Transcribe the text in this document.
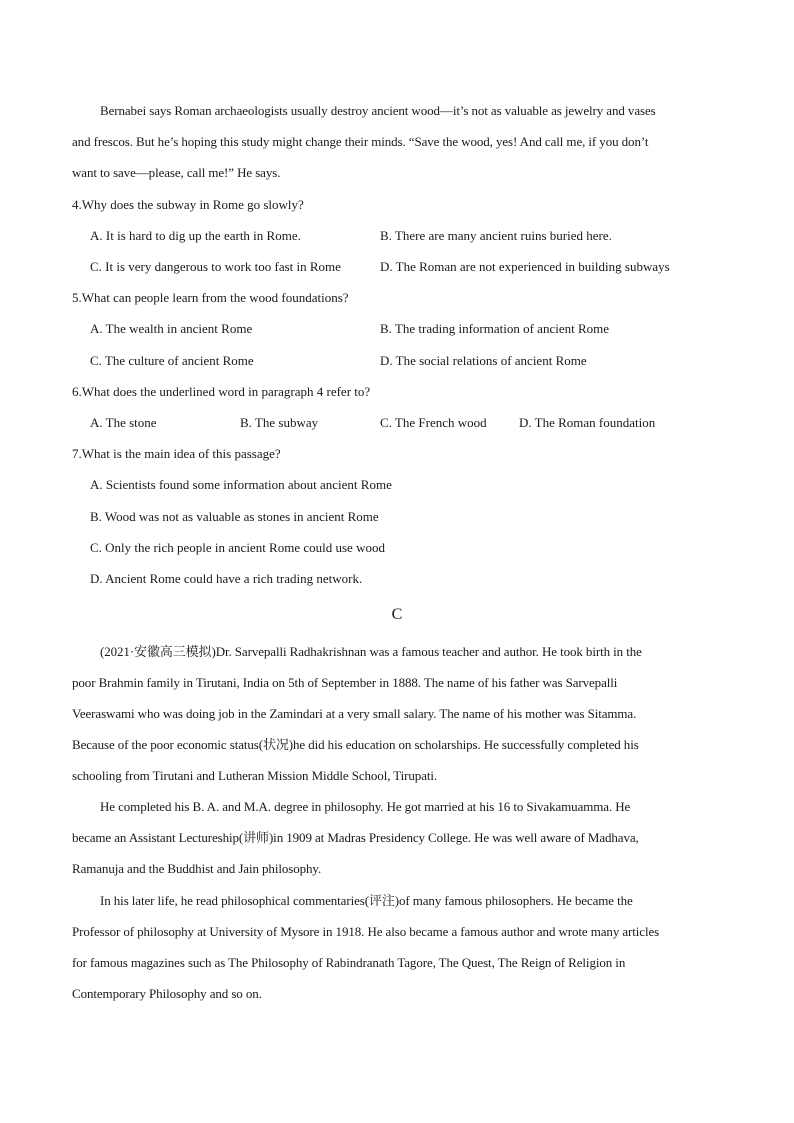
Bernabei says Roman archaeologists usually destroy ancient wood—it’s not as valuable as jewelry and vases
and frescos. But he’s hoping this study might change their minds. “Save the wood, yes! And call me, if you don’t
want to save—please, call me!” He says.
4.Why does the subway in Rome go slowly?
A. It is hard to dig up the earth in Rome.	B. There are many ancient ruins buried here.
C. It is very dangerous to work too fast in Rome	D. The Roman are not experienced in building subways
5.What can people learn from the wood foundations?
A. The wealth in ancient Rome	B. The trading information of ancient Rome
C. The culture of ancient Rome	D. The social relations of ancient Rome
6.What does the underlined word in paragraph 4 refer to?
A. The stone	B. The subway	C. The French wood D. The Roman foundation
7.What is the main idea of this passage?
A. Scientists found some information about ancient Rome
B. Wood was not as valuable as stones in ancient Rome
C. Only the rich people in ancient Rome could use wood
D. Ancient Rome could have a rich trading network.
C
(2021·安徽高三模拟)Dr. Sarvepalli Radhakrishnan was a famous teacher and author. He took birth in the
poor Brahmin family in Tirutani, India on 5th of September in 1888. The name of his father was Sarvepalli
Veeraswami who was doing job in the Zamindari at a very small salary. The name of his mother was Sitamma.
Because of the poor economic status(状况)he did his education on scholarships. He successfully completed his
schooling from Tirutani and Lutheran Mission Middle School, Tirupati.
He completed his B. A. and M.A. degree in philosophy. He got married at his 16 to Sivakamuamma. He
became an Assistant Lectureship(讲师)in 1909 at Madras Presidency College. He was well aware of Madhava,
Ramanuja and the Buddhist and Jain philosophy.
In his later life, he read philosophical commentaries(评注)of many famous philosophers. He became the
Professor of philosophy at University of Mysore in 1918. He also became a famous author and wrote many articles
for famous magazines such as The Philosophy of Rabindranath Tagore, The Quest, The Reign of Religion in
Contemporary Philosophy and so on.
